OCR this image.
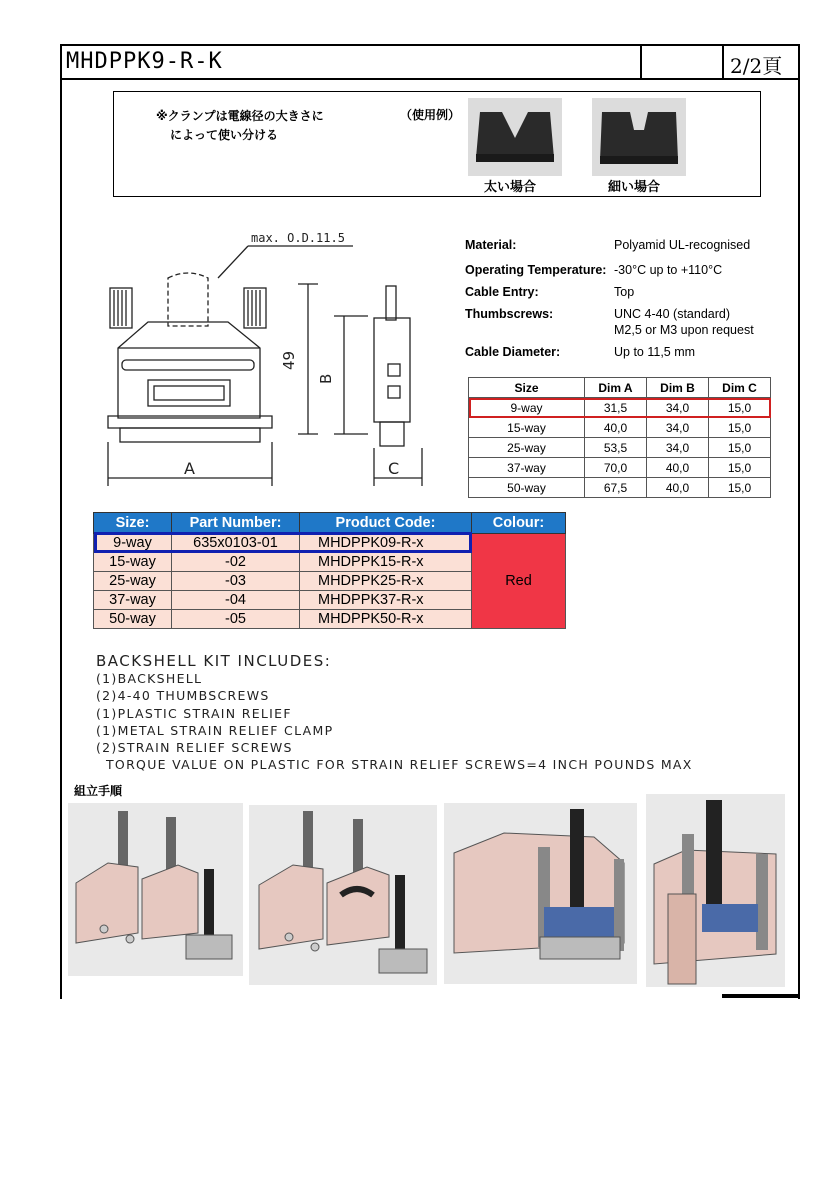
MHDPPK9-R-K	2/2頁
※クランプは電線径の大きさに
によって使い分ける
（使用例）
太い場合	細い場合
max. O.D.11.5
49
B
A	C
Material:	Polyamid UL-recognised
Operating Temperature: -30°C up to +110°C
Cable Entry:	Top
Thumbscrews:	UNC 4-40 (standard)
M2,5 or M3 upon request
Cable Diameter:	Up to 11,5 mm
Size	Dim A	Dim B	Dim C
9-way	31,5	34,0	15,0
15-way	40,0	34,0	15,0
25-way	53,5	34,0	15,0
37-way	70,0	40,0	15,0
50-way	67,5	40,0	15,0
Size:	Part Number:	Product Code:	Colour:
9-way	635x0103-01	MHDPPK09-R-x	Red
15-way	-02	MHDPPK15-R-x	
25-way	-03	MHDPPK25-R-x	
37-way	-04	MHDPPK37-R-x	
50-way	-05	MHDPPK50-R-x	
BACKSHELL KIT INCLUDES:
(1)BACKSHELL
(2)4-40 THUMBSCREWS
(1)PLASTIC STRAIN RELIEF
(1)METAL STRAIN RELIEF CLAMP
(2)STRAIN RELIEF SCREWS
TORQUE VALUE ON PLASTIC FOR STRAIN RELIEF SCREWS=4 INCH POUNDS MAX
組立手順
